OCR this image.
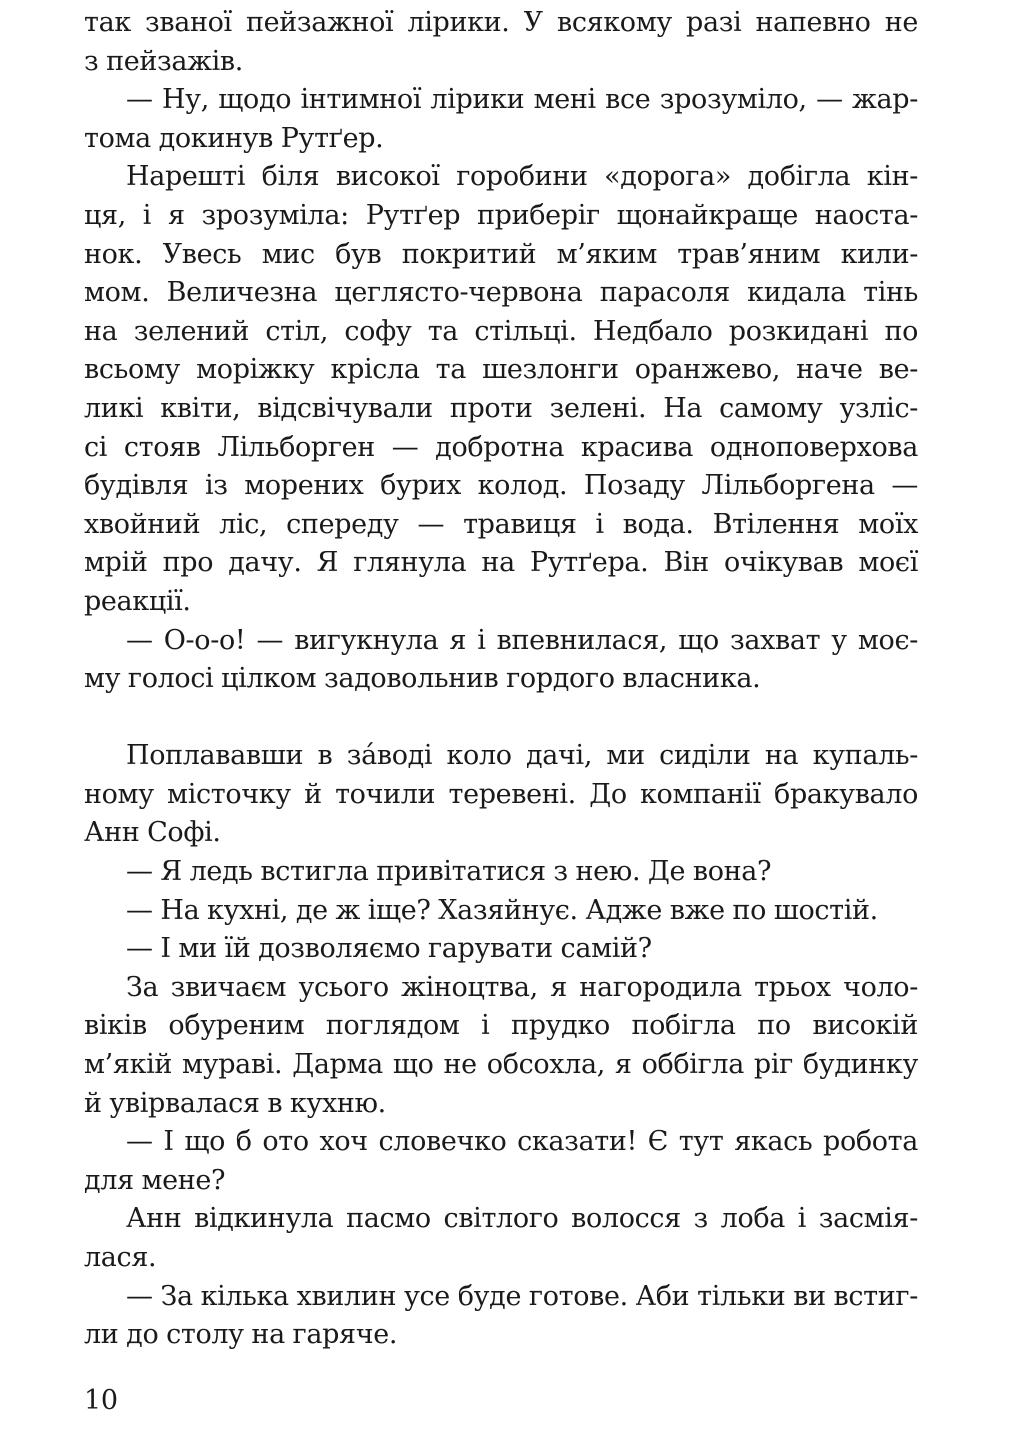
так званої пейзажної лірики. У всякому разі напевно не
з пейзажів.

— Ну, щодо інтимної лірики мені все зрозуміло, — жар-
тома докинув Рутґер.

Нарешті біля високої горобини «дорога» добігла кін-
ця, і я зрозуміла: Рутґер приберіг щонайкраще наоста-
нок. Увесь мис був покритий м’яким трав’яним кили-
мом. Величезна цеглясто-червона парасоля кидала тінь
на зелений стіл, софу та стільці. Недбало розкидані по
всьому моріжку крісла та шезлонги оранжево, наче ве-
ликі квіти, відсвічували проти зелені. На самому узліс-
сі стояв Лільборген — добротна красива одноповерхова
будівля із морених бурих колод. Позаду Лільборгена —
хвойний ліс, спереду — травиця і вода. Втілення моїх
мрій про дачу. Я глянула на Рутґера. Він очікував моєї
реакції.

— О-о-о! — вигукнула я і впевнилася, що захват у моє-
му голосі цілком задовольнив гордого власника.

Поплававши в зáводі коло дачі, ми сиділи на купаль-
ному місточку й точили теревені. До компанії бракувало
Анн Софі.

— Я ледь встигла привітатися з нею. Де вона?

— На кухні, де ж іще? Хазяйнує. Адже вже по шостій.

— І ми їй дозволяємо гарувати самій?

За звичаєм усього жіноцтва, я нагородила трьох чоло-
віків обуреним поглядом і прудко побігла по високій
м’якій мураві. Дарма що не обсохла, я оббігла ріг будинку
й увірвалася в кухню.

— І що б ото хоч словечко сказати! Є тут якась робота
для мене?

Анн відкинула пасмо світлого волосся з лоба і засмія-
лася.

— За кілька хвилин усе буде готове. Аби тільки ви встиг-
ли до столу на гаряче.

10
